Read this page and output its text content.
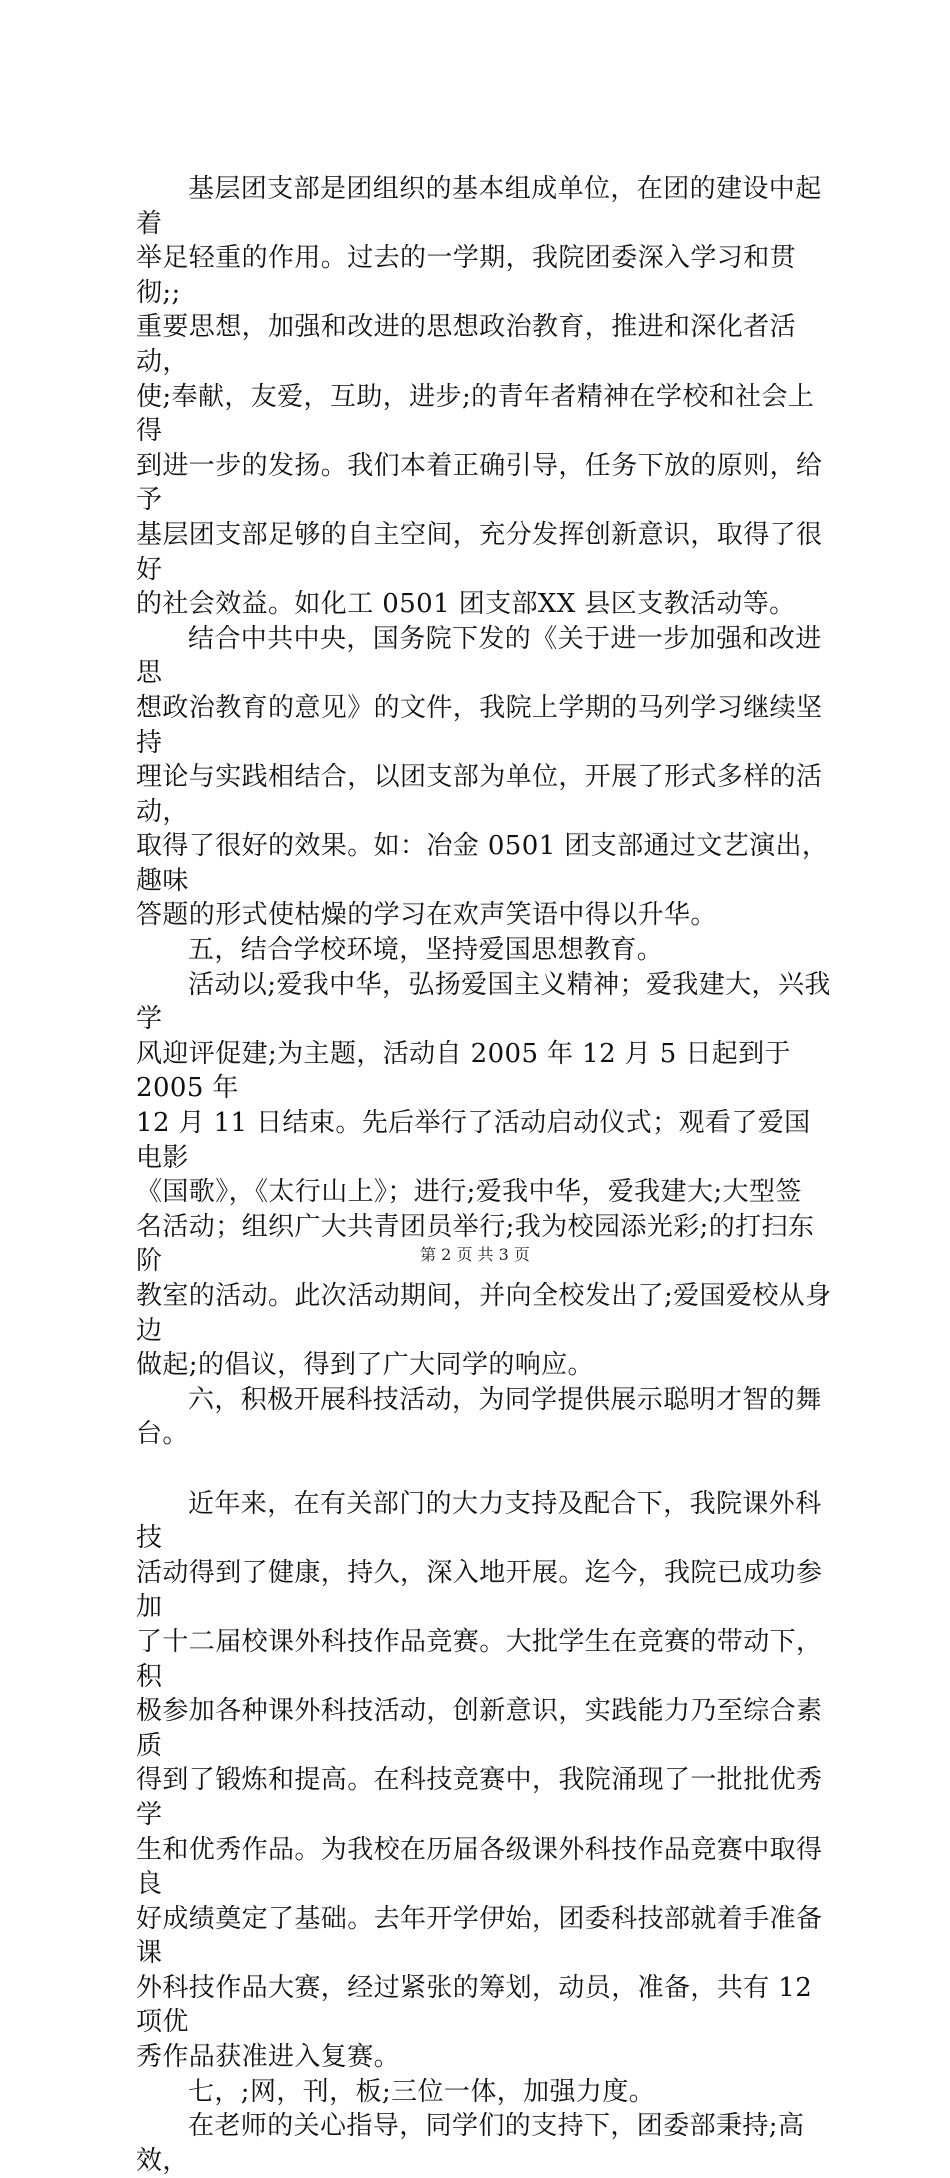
基层团支部是团组织的基本组成单位，在团的建设中起着
举足轻重的作用。过去的一学期，我院团委深入学习和贯彻;;
重要思想，加强和改进的思想政治教育，推进和深化者活动，
使;奉献，友爱，互助，进步;的青年者精神在学校和社会上得
到进一步的发扬。我们本着正确引导，任务下放的原则，给予
基层团支部足够的自主空间，充分发挥创新意识，取得了很好
的社会效益。如化工 0501 团支部XX 县区支教活动等。

结合中共中央，国务院下发的《关于进一步加强和改进思
想政治教育的意见》的文件，我院上学期的马列学习继续坚持
理论与实践相结合，以团支部为单位，开展了形式多样的活动，
取得了很好的效果。如：冶金 0501 团支部通过文艺演出，趣味
答题的形式使枯燥的学习在欢声笑语中得以升华。

五，结合学校环境，坚持爱国思想教育。

活动以;爱我中华，弘扬爱国主义精神；爱我建大，兴我学
风迎评促建;为主题，活动自 2005 年 12 月 5 日起到于 2005 年
12 月 11 日结束。先后举行了活动启动仪式；观看了爱国电影
《国歌》，《太行山上》；进行;爱我中华，爱我建大;大型签
名活动；组织广大共青团员举行;我为校园添光彩;的打扫东阶
教室的活动。此次活动期间，并向全校发出了;爱国爱校从身边
做起;的倡议，得到了广大同学的响应。

六，积极开展科技活动，为同学提供展示聪明才智的舞台。

近年来，在有关部门的大力支持及配合下，我院课外科技
活动得到了健康，持久，深入地开展。迄今，我院已成功参加
了十二届校课外科技作品竞赛。大批学生在竞赛的带动下，积
极参加各种课外科技活动，创新意识，实践能力乃至综合素质
得到了锻炼和提高。在科技竞赛中，我院涌现了一批批优秀学
生和优秀作品。为我校在历届各级课外科技作品竞赛中取得良
好成绩奠定了基础。去年开学伊始，团委科技部就着手准备课
外科技作品大赛，经过紧张的筹划，动员，准备，共有 12 项优
秀作品获准进入复赛。

七，;网，刊，板;三位一体，加强力度。

在老师的关心指导，同学们的支持下，团委部秉持;高效，

第 2 页 共 3 页
